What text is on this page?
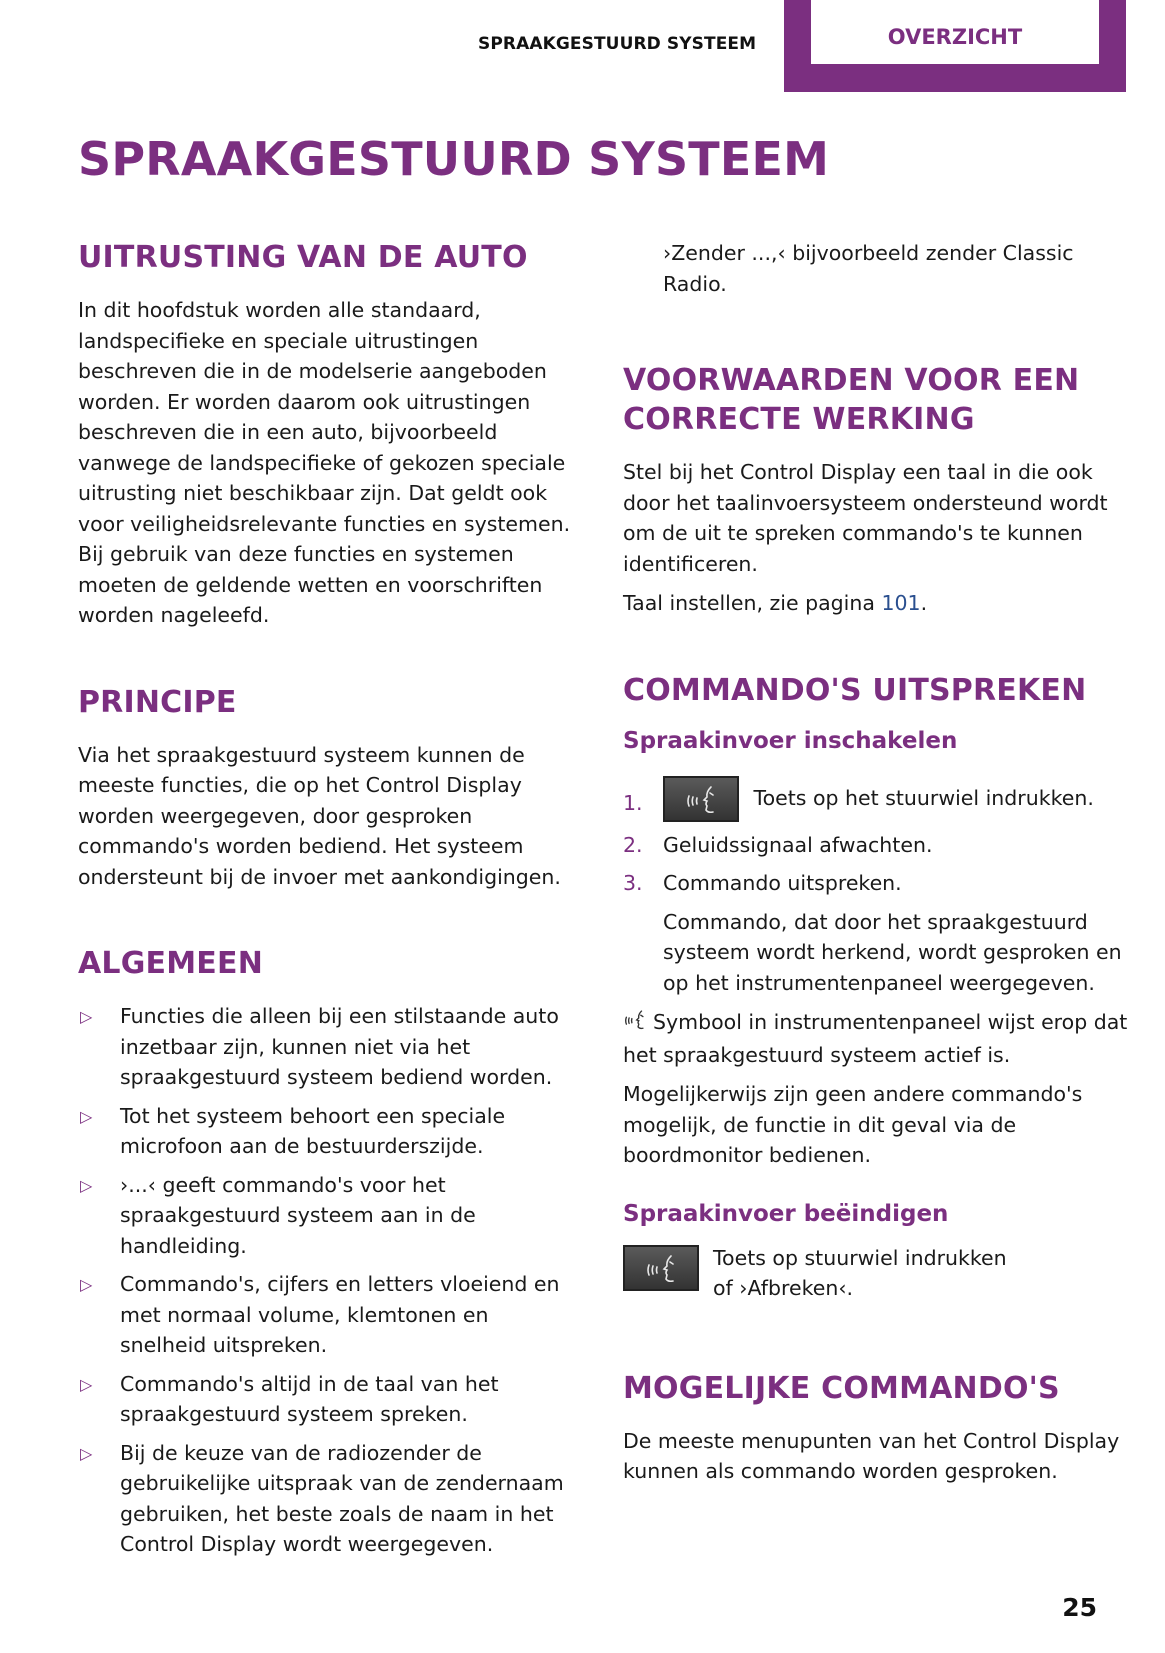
SPRAAKGESTUURD SYSTEEM	OVERZICHT
SPRAAKGESTUURD SYSTEEM
UITRUSTING VAN DE AUTO

In dit hoofdstuk worden alle standaard, landspecifieke en speciale uitrustingen beschreven die in de modelserie aangeboden worden. Er worden daarom ook uitrustingen beschreven die in een auto, bijvoorbeeld vanwege de landspecifieke of gekozen speciale uitrusting niet beschikbaar zijn. Dat geldt ook voor veiligheidsrelevante functies en systemen. Bij gebruik van deze functies en systemen moeten de geldende wetten en voorschriften worden nageleefd.

PRINCIPE

Via het spraakgestuurd systeem kunnen de meeste functies, die op het Control Display worden weergegeven, door gesproken commando's worden bediend. Het systeem ondersteunt bij de invoer met aankondigingen.

ALGEMEEN
▷ Functies die alleen bij een stilstaande auto inzetbaar zijn, kunnen niet via het spraakgestuurd systeem bediend worden.
▷ Tot het systeem behoort een speciale microfoon aan de bestuurderszijde.
▷ ›...‹ geeft commando's voor het spraakgestuurd systeem aan in de handleiding.
▷ Commando's, cijfers en letters vloeiend en met normaal volume, klemtonen en snelheid uitspreken.
▷ Commando's altijd in de taal van het spraakgestuurd systeem spreken.
▷ Bij de keuze van de radiozender de gebruikelijke uitspraak van de zendernaam gebruiken, het beste zoals de naam in het Control Display wordt weergegeven.

›Zender ...,‹ bijvoorbeeld zender Classic Radio.

VOORWAARDEN VOOR EEN CORRECTE WERKING

Stel bij het Control Display een taal in die ook door het taalinvoersysteem ondersteund wordt om de uit te spreken commando's te kunnen identificeren.

Taal instellen, zie pagina 101.

COMMANDO'S UITSPREKEN
Spraakinvoer inschakelen
1.	Toets op het stuurwiel indrukken.
2. Geluidssignaal afwachten.
3. Commando uitspreken.

Commando, dat door het spraakgestuurd systeem wordt herkend, wordt gesproken en op het instrumentenpaneel weergegeven.

Symbool in instrumentenpaneel wijst erop dat het spraakgestuurd systeem actief is.

Mogelijkerwijs zijn geen andere commando's mogelijk, de functie in dit geval via de boordmonitor bedienen.

Spraakinvoer beëindigen

Toets op stuurwiel indrukken of ›Afbreken‹.

MOGELIJKE COMMANDO'S

De meeste menupunten van het Control Display kunnen als commando worden gesproken.

25
